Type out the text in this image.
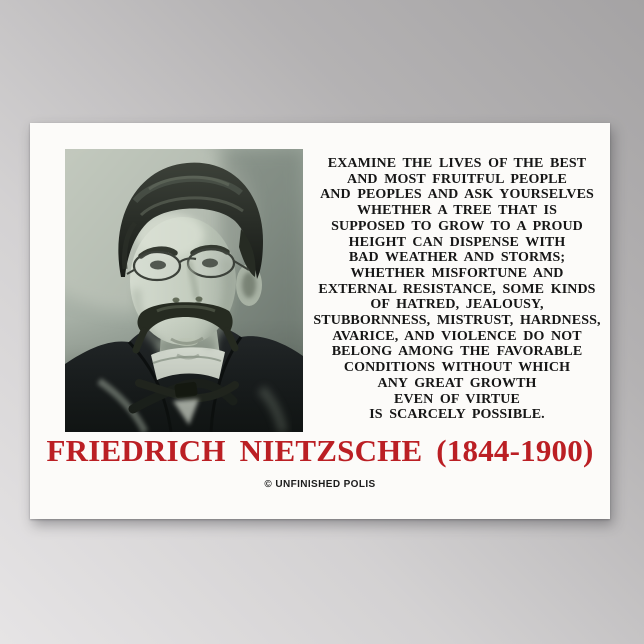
EXAMINE THE LIVES OF THE BEST
AND MOST FRUITFUL PEOPLE
AND PEOPLES AND ASK YOURSELVES
WHETHER A TREE THAT IS
SUPPOSED TO GROW TO A PROUD
HEIGHT CAN DISPENSE WITH
BAD WEATHER AND STORMS;
WHETHER MISFORTUNE AND
EXTERNAL RESISTANCE, SOME KINDS
OF HATRED, JEALOUSY,
STUBBORNNESS, MISTRUST, HARDNESS,
AVARICE, AND VIOLENCE DO NOT
BELONG AMONG THE FAVORABLE
CONDITIONS WITHOUT WHICH
ANY GREAT GROWTH
EVEN OF VIRTUE
IS SCARCELY POSSIBLE.
FRIEDRICH NIETZSCHE (1844-1900)
© UNFINISHED POLIS
